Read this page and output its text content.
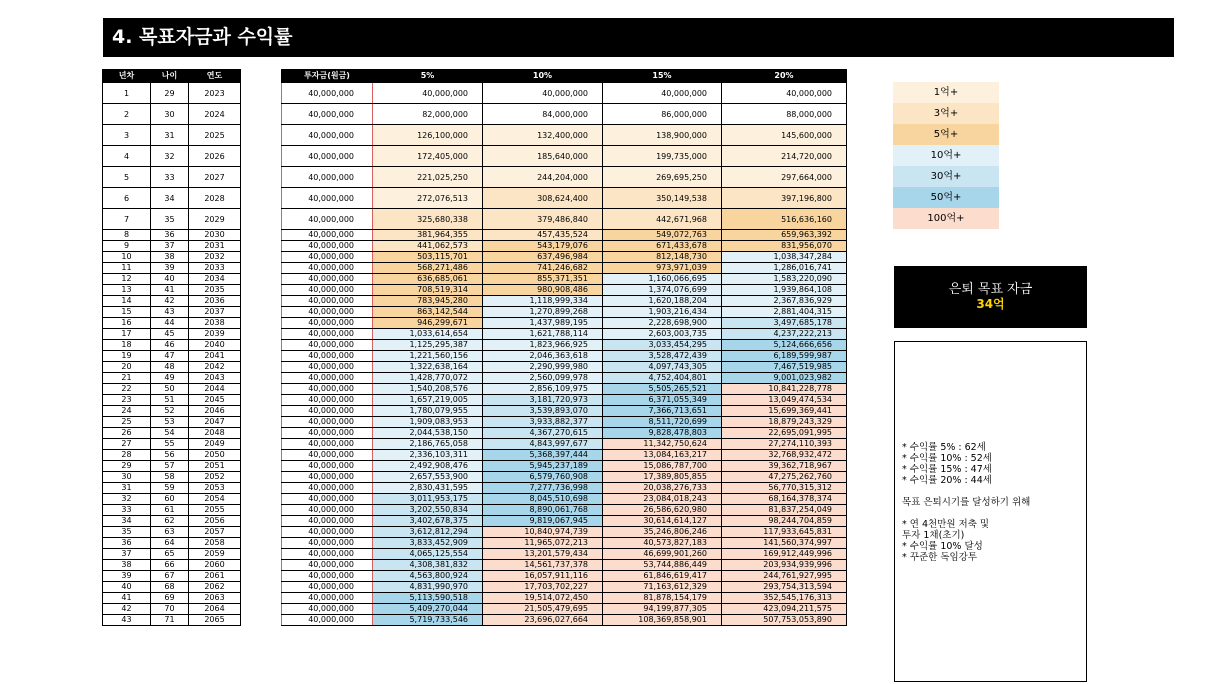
4. 목표자금과 수익률
년차	나이	연도
1	29	2023
2	30	2024
3	31	2025
4	32	2026
5	33	2027
6	34	2028
7	35	2029
8	36	2030
9	37	2031
10	38	2032
11	39	2033
12	40	2034
13	41	2035
14	42	2036
15	43	2037
16	44	2038
17	45	2039
18	46	2040
19	47	2041
20	48	2042
21	49	2043
22	50	2044
23	51	2045
24	52	2046
25	53	2047
26	54	2048
27	55	2049
28	56	2050
29	57	2051
30	58	2052
31	59	2053
32	60	2054
33	61	2055
34	62	2056
35	63	2057
36	64	2058
37	65	2059
38	66	2060
39	67	2061
40	68	2062
41	69	2063
42	70	2064
43	71	2065
투자금(원금)	5%	10%	15%	20%
40,000,000	40,000,000	40,000,000	40,000,000	40,000,000
40,000,000	82,000,000	84,000,000	86,000,000	88,000,000
40,000,000	126,100,000	132,400,000	138,900,000	145,600,000
40,000,000	172,405,000	185,640,000	199,735,000	214,720,000
40,000,000	221,025,250	244,204,000	269,695,250	297,664,000
40,000,000	272,076,513	308,624,400	350,149,538	397,196,800
40,000,000	325,680,338	379,486,840	442,671,968	516,636,160
40,000,000	381,964,355	457,435,524	549,072,763	659,963,392
40,000,000	441,062,573	543,179,076	671,433,678	831,956,070
40,000,000	503,115,701	637,496,984	812,148,730	1,038,347,284
40,000,000	568,271,486	741,246,682	973,971,039	1,286,016,741
40,000,000	636,685,061	855,371,351	1,160,066,695	1,583,220,090
40,000,000	708,519,314	980,908,486	1,374,076,699	1,939,864,108
40,000,000	783,945,280	1,118,999,334	1,620,188,204	2,367,836,929
40,000,000	863,142,544	1,270,899,268	1,903,216,434	2,881,404,315
40,000,000	946,299,671	1,437,989,195	2,228,698,900	3,497,685,178
40,000,000	1,033,614,654	1,621,788,114	2,603,003,735	4,237,222,213
40,000,000	1,125,295,387	1,823,966,925	3,033,454,295	5,124,666,656
40,000,000	1,221,560,156	2,046,363,618	3,528,472,439	6,189,599,987
40,000,000	1,322,638,164	2,290,999,980	4,097,743,305	7,467,519,985
40,000,000	1,428,770,072	2,560,099,978	4,752,404,801	9,001,023,982
40,000,000	1,540,208,576	2,856,109,975	5,505,265,521	10,841,228,778
40,000,000	1,657,219,005	3,181,720,973	6,371,055,349	13,049,474,534
40,000,000	1,780,079,955	3,539,893,070	7,366,713,651	15,699,369,441
40,000,000	1,909,083,953	3,933,882,377	8,511,720,699	18,879,243,329
40,000,000	2,044,538,150	4,367,270,615	9,828,478,803	22,695,091,995
40,000,000	2,186,765,058	4,843,997,677	11,342,750,624	27,274,110,393
40,000,000	2,336,103,311	5,368,397,444	13,084,163,217	32,768,932,472
40,000,000	2,492,908,476	5,945,237,189	15,086,787,700	39,362,718,967
40,000,000	2,657,553,900	6,579,760,908	17,389,805,855	47,275,262,760
40,000,000	2,830,431,595	7,277,736,998	20,038,276,733	56,770,315,312
40,000,000	3,011,953,175	8,045,510,698	23,084,018,243	68,164,378,374
40,000,000	3,202,550,834	8,890,061,768	26,586,620,980	81,837,254,049
40,000,000	3,402,678,375	9,819,067,945	30,614,614,127	98,244,704,859
40,000,000	3,612,812,294	10,840,974,739	35,246,806,246	117,933,645,831
40,000,000	3,833,452,909	11,965,072,213	40,573,827,183	141,560,374,997
40,000,000	4,065,125,554	13,201,579,434	46,699,901,260	169,912,449,996
40,000,000	4,308,381,832	14,561,737,378	53,744,886,449	203,934,939,996
40,000,000	4,563,800,924	16,057,911,116	61,846,619,417	244,761,927,995
40,000,000	4,831,990,970	17,703,702,227	71,163,612,329	293,754,313,594
40,000,000	5,113,590,518	19,514,072,450	81,878,154,179	352,545,176,313
40,000,000	5,409,270,044	21,505,479,695	94,199,877,305	423,094,211,575
40,000,000	5,719,733,546	23,696,027,664	108,369,858,901	507,753,053,890
1억+
3억+
5억+
10억+
30억+
50억+
100억+
은퇴 목표 자금
34억
* 수익률 5% : 62세
* 수익률 10% : 52세
* 수익률 15% : 47세
* 수익률 20% : 44세
목표 은퇴시기를 달성하기 위해
* 연 4천만원 저축 및
투자 1채(초기)
* 수익률 10% 달성
* 꾸준한 독임강투
